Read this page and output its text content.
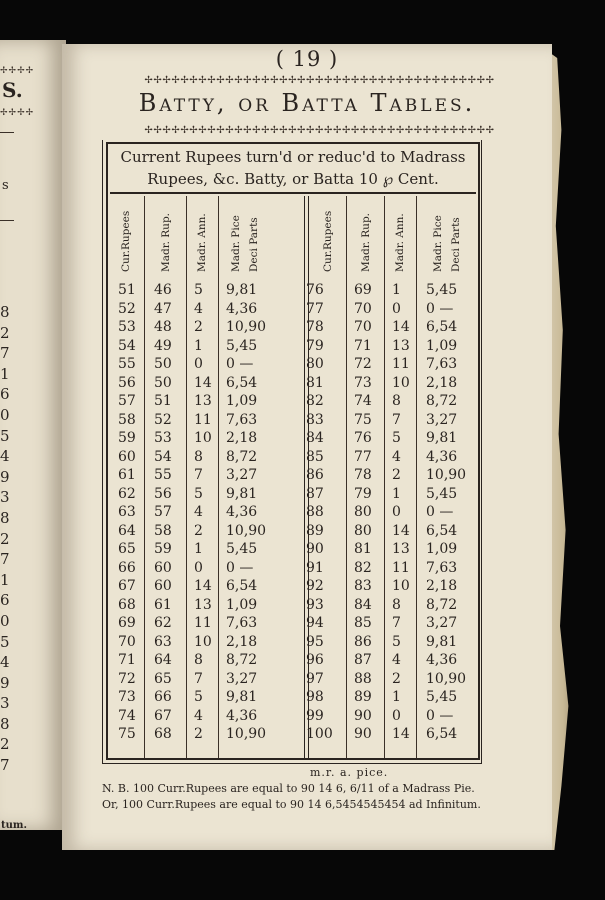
✢✢✢✢
S.
✢✢✢✢
s
8
2
7
1
6
0
5
4
9
3
8
2
7
1
6
0
5
4
9
3
8
2
7
tum.
( 19 )
✢✢✢✢✢✢✢✢✢✢✢✢✢✢✢✢✢✢✢✢✢✢✢✢✢✢✢✢✢✢✢✢✢✢✢✢✢✢✢
Batty, or Batta Tables.
✢✢✢✢✢✢✢✢✢✢✢✢✢✢✢✢✢✢✢✢✢✢✢✢✢✢✢✢✢✢✢✢✢✢✢✢✢✢✢
Current Rupees turn'd or reduc'd to Madrass
Rupees, &c. Batty, or Batta 10 ℘ Cent.
Cur.Rupees	Madr. Rup. Madr. Ann. Madr. Pice Deci Parts
51 46 5 9,81
52 47 4 4,36
53 48 2 10,90
54 49 1 5,45
55 50 0 0 —
56 50 14 6,54
57 51 13 1,09
58 52 11 7,63
59 53 10 2,18
60 54 8 8,72
61 55 7 3,27
62 56 5 9,81
63 57 4 4,36
64 58 2 10,90
65 59 1 5,45
66 60 0 0 —
67 60 14 6,54
68 61 13 1,09
69 62 11 7,63
70 63 10 2,18
71 64 8 8,72
72 65 7 3,27
73 66 5 9,81
74 67 4 4,36
75 68 2 10,90
Cur.Rupees Madr. Rup. Madr. Ann. Madr. Pice Deci Parts
76 69 1 5,45
77 70 0 0 —
78 70 14 6,54
79 71 13 1,09
80 72 11 7,63
81 73 10 2,18
82 74 8 8,72
83 75 7 3,27
84 76 5 9,81
85 77 4 4,36
86 78 2 10,90
87 79 1 5,45
88 80 0 0 —
89 80 14 6,54
90 81 13 1,09
91 82 11 7,63
92 83 10 2,18
93 84 8 8,72
94 85 7 3,27
95 86 5 9,81
96 87 4 4,36
97 88 2 10,90
98 89 1 5,45
99 90 0 0 —
100 90 14 6,54
m.r. a. pice.
N. B. 100 Curr.Rupees are equal to 90 14 6, 6/11 of a Madrass Pie.
Or, 100 Curr.Rupees are equal to 90 14 6,5454545454 ad Infinitum.
